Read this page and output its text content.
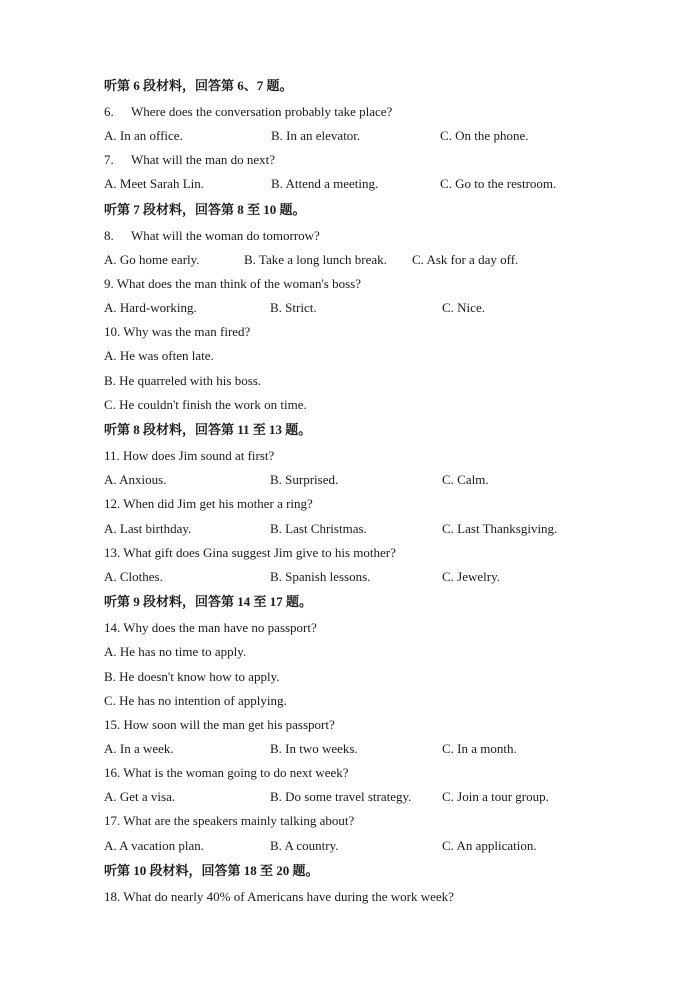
听第 6 段材料，回答第 6、7 题。
6. Where does the conversation probably take place?
A. In an office.	B. In an elevator.	C. On the phone.
7. What will the man do next?
A. Meet Sarah Lin.	B. Attend a meeting.	C. Go to the restroom.
听第 7 段材料，回答第 8 至 10 题。
8. What will the woman do tomorrow?
A. Go home early.	B. Take a long lunch break. C. Ask for a day off.
9. What does the man think of the woman's boss?
A. Hard-working.	B. Strict.	C. Nice.
10. Why was the man fired?
A. He was often late.
B. He quarreled with his boss.
C. He couldn't finish the work on time.
听第 8 段材料，回答第 11 至 13 题。
11. How does Jim sound at first?
A. Anxious.	B. Surprised.	C. Calm.
12. When did Jim get his mother a ring?
A. Last birthday.	B. Last Christmas.	C. Last Thanksgiving.
13. What gift does Gina suggest Jim give to his mother?
A. Clothes.	B. Spanish lessons.	C. Jewelry.
听第 9 段材料，回答第 14 至 17 题。
14. Why does the man have no passport?
A. He has no time to apply.
B. He doesn't know how to apply.
C. He has no intention of applying.
15. How soon will the man get his passport?
A. In a week.	B. In two weeks.	C. In a month.
16. What is the woman going to do next week?
A. Get a visa.	B. Do some travel strategy. C. Join a tour group.
17. What are the speakers mainly talking about?
A. A vacation plan.	B. A country.	C. An application.
听第 10 段材料，回答第 18 至 20 题。
18. What do nearly 40% of Americans have during the work week?
